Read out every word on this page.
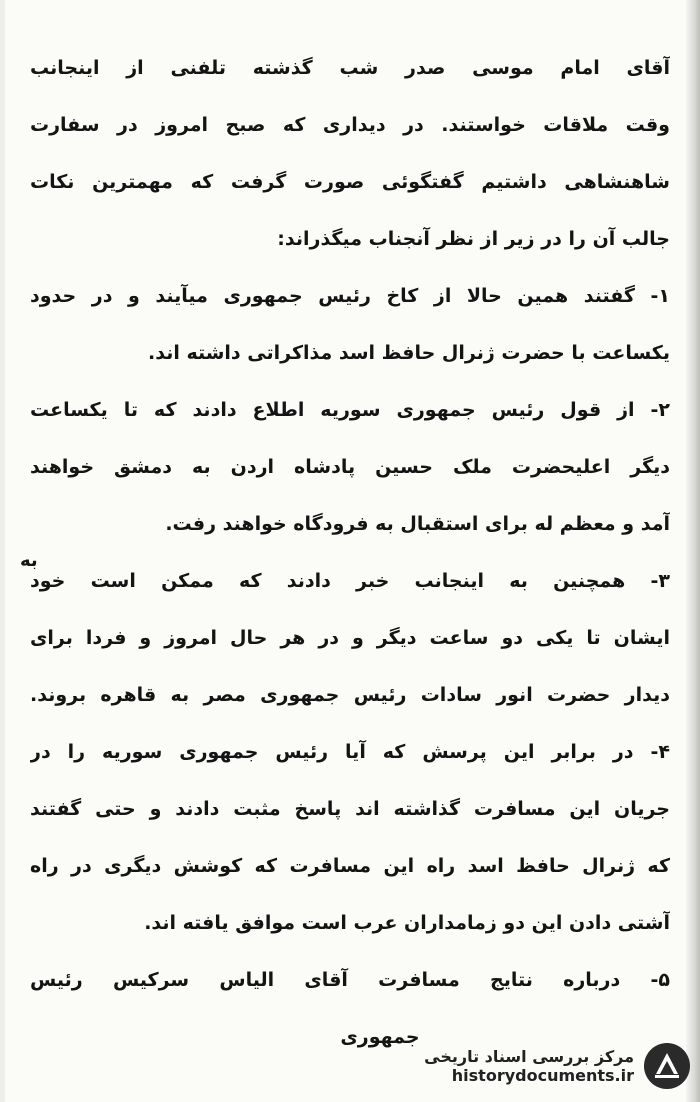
آقای امام موسی صدر شب گذشته تلفنی از اینجانب
وقت ملاقات خواستند. در دیداری که صبح امروز در سفارت
شاهنشاهی داشتیم گفتگوئی صورت گرفت که مهمترین نکات
جالب آن را در زیر از نظر آنجناب میگذراند:
۱- گفتند همین حالا از کاخ رئیس جمهوری میآیند و در حدود
یکساعت با حضرت ژنرال حافظ اسد مذاکراتی داشته اند.
۲- از قول رئیس جمهوری سوریه اطلاع دادند که تا یکساعت
دیگر اعلیحضرت ملک حسین پادشاه اردن به دمشق خواهند
آمد و معظم له برای استقبال به فرودگاه خواهند رفت.
۳- همچنین به اینجانب خبر دادند که ممکن است خود
ایشان تا یکی دو ساعت دیگر و در هر حال امروز و فردا برای
دیدار حضرت انور سادات رئیس جمهوری مصر به قاهره بروند.
۴- در برابر این پرسش که آیا رئیس جمهوری سوریه را در
جریان این مسافرت گذاشته اند پاسخ مثبت دادند و حتی گفتند
که ژنرال حافظ اسد راه این مسافرت که کوشش دیگری در راه
آشتی دادن این دو زمامداران عرب است موافق یافته اند.
۵- درباره نتایج مسافرت آقای الیاس سرکیس رئیس
جمهوری
به
مرکز بررسی اسناد تاریخی
historydocuments.ir
